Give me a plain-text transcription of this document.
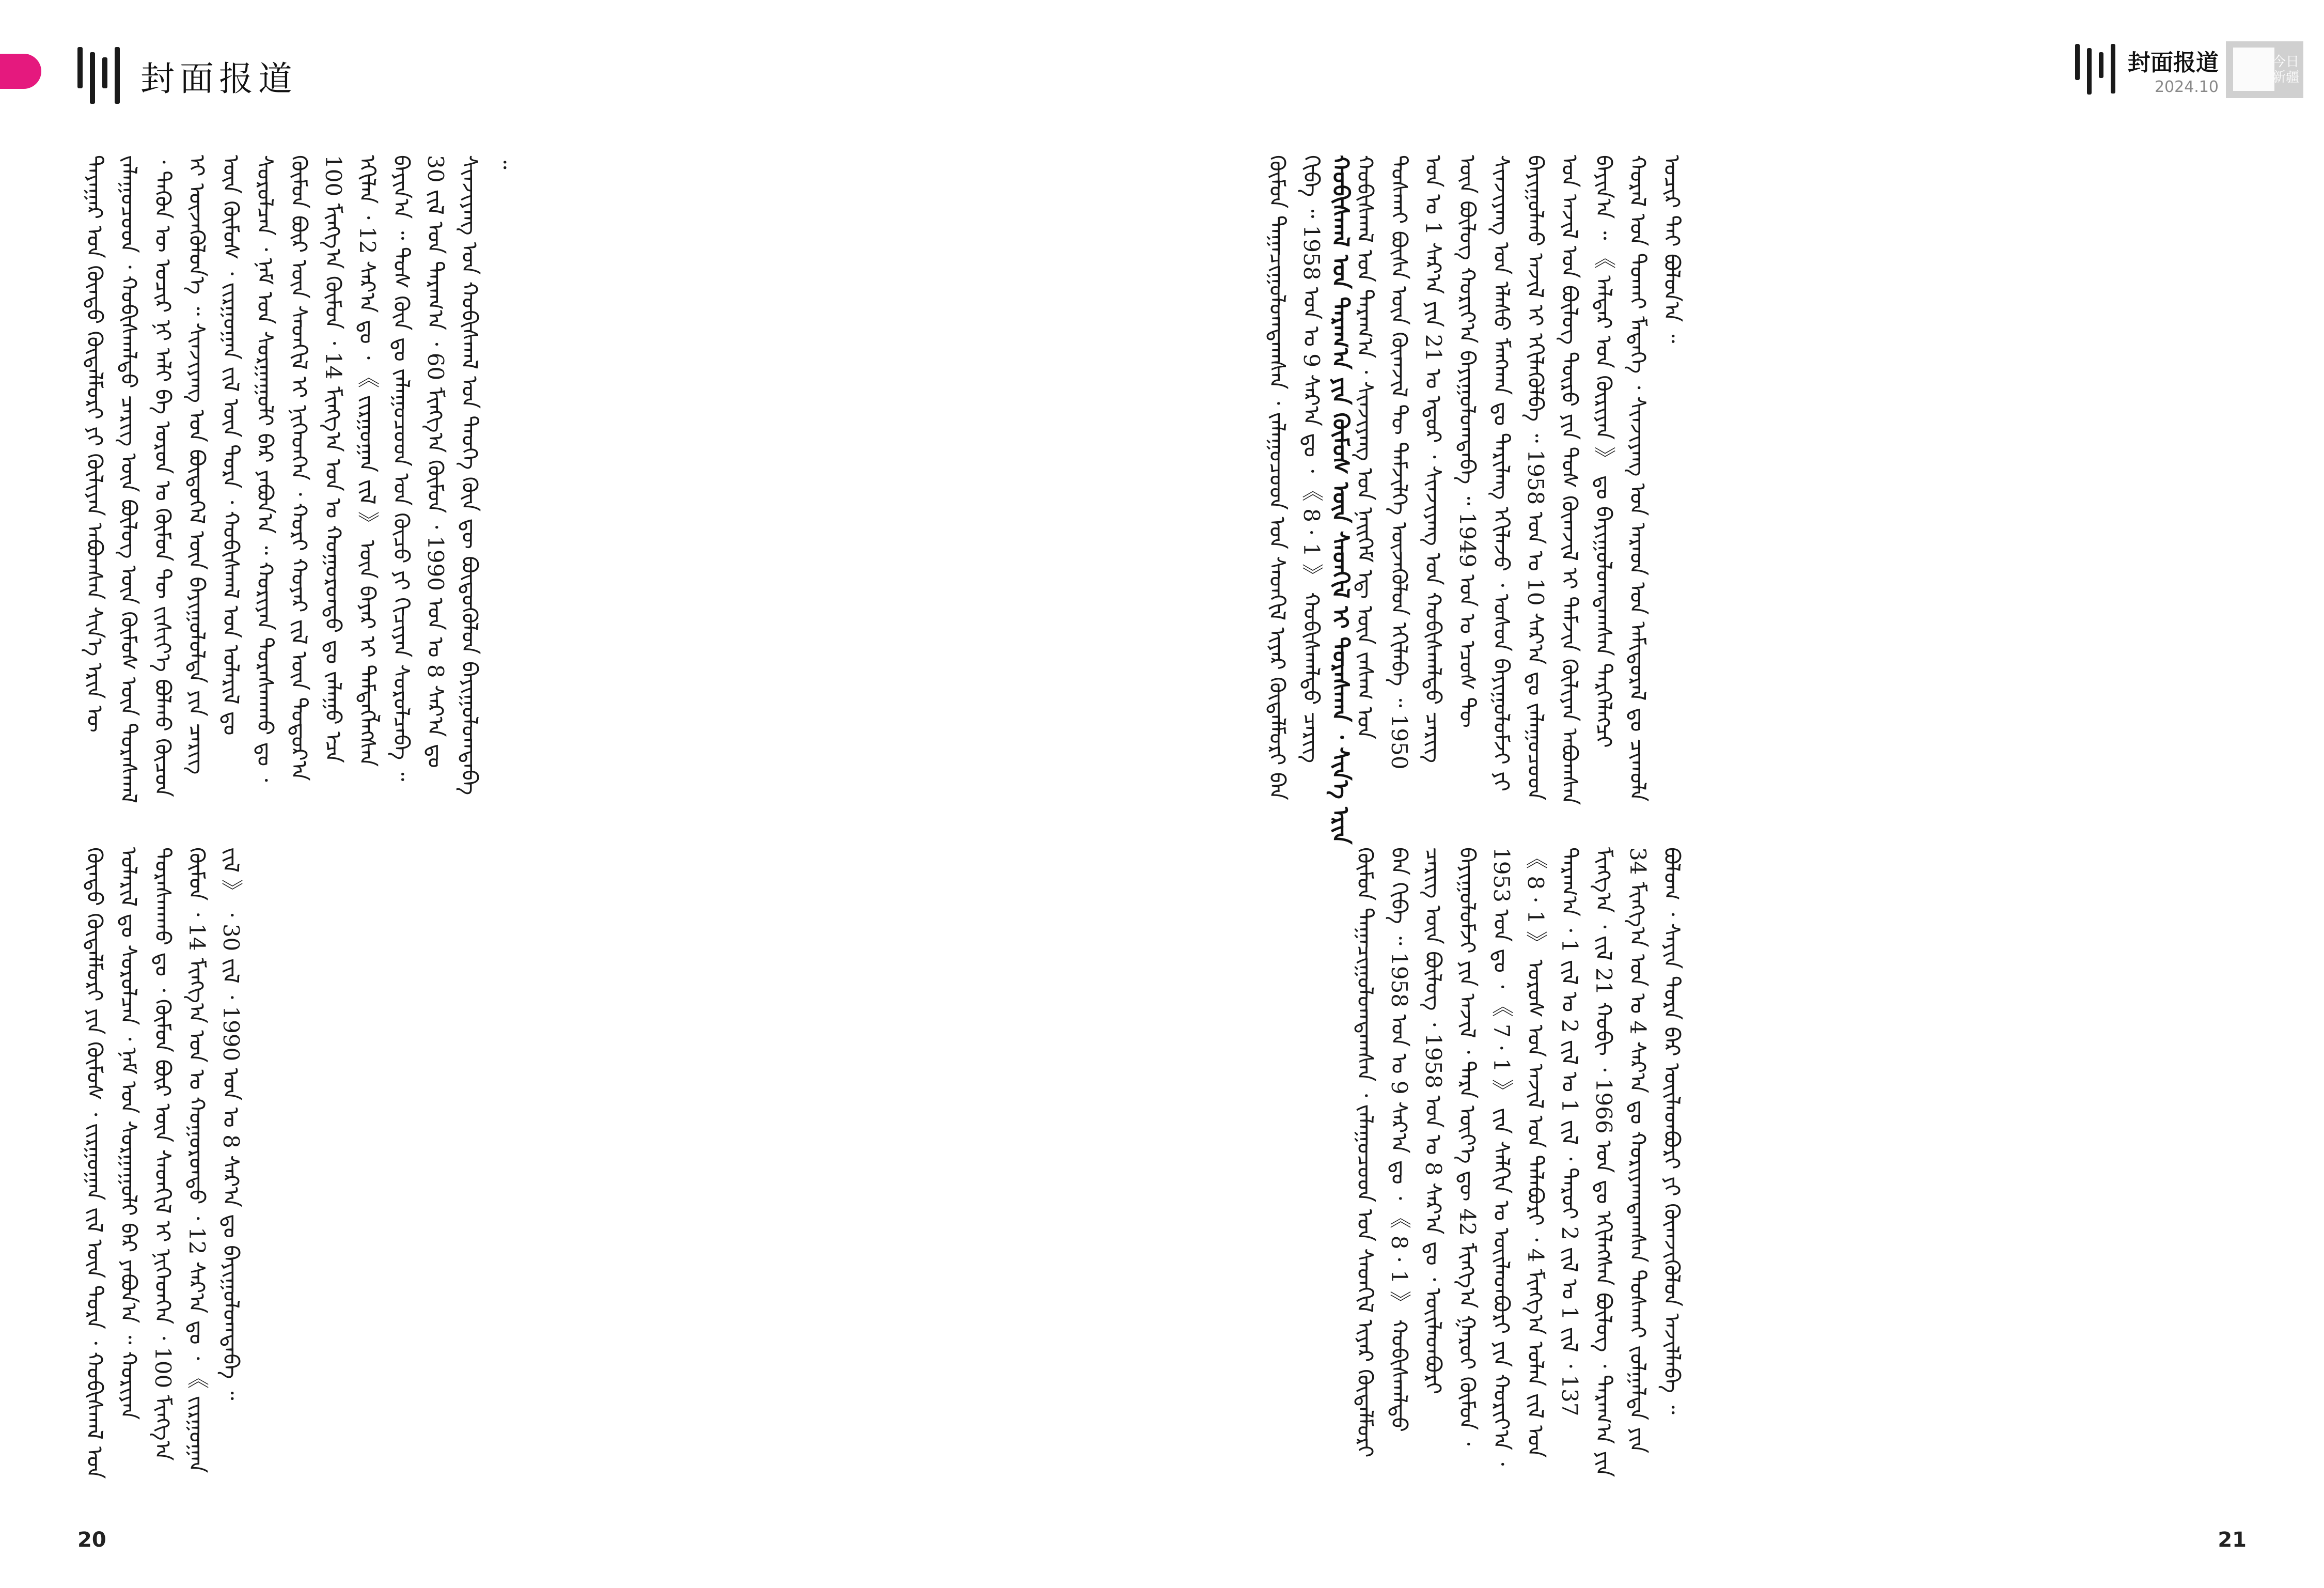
封面报道	封面报道
2024.10
今日
新疆

ᠬᠤᠪᠢᠰᠬᠠᠯ ᠤᠨ ᠳᠠᠷᠠᠭ᠎ᠠ ᠂ ᠰᠢᠨᠵᠢᠶᠠᠩ ᠤᠨ ᠨᠡᠢᠭᠡᠮ ᠡᠳ᠋ ᠦᠨ ᠵᠠᠰᠠᠭ ᠤᠨ ᠲᠤᠰᠬᠠᠢ ᠪᠦᠰᠡ ᠦᠨ ᠬᠦᠭ᠍ᠵᠢᠯ ᠲᠦ ᠳᠡᠮᠵᠢᠯᠭᠡ ᠦᠵᠡᠭᠦᠯᠦᠨ ᠡᠬᠢᠯᠡᠪᠡ ᠃ 1950 ᠣᠨ ᠤ 1 ᠰᠠᠷ᠎ᠠ ᠶᠢᠨ 21 ᠤ ᠡᠳᠦᠷ ᠂ ᠰᠢᠨᠵᠢᠶᠠᠩ ᠤᠨ ᠬᠤᠪᠢᠰᠬᠠᠯᠲᠤ ᠴᠡᠷᠢᠭ ᠦᠨ ᠪᠦᠯᠦᠭ ᠬᠤᠷᠢᠶ᠎ᠠ ᠪᠠᠶᠢᠭᠤᠯᠤᠭᠳᠠᠪᠠ ᠃ 1949 ᠣᠨ ᠤ ᠡᠴᠦᠰ ᠲᠦ ᠰᠢᠨᠵᠢᠶᠠᠩ ᠤᠨ ᠡᠯᠡᠰᠦ ᠮᠠᠩᠬᠠᠨ ᠳᠤ ᠲᠠᠷᠢᠯᠠᠩ ᠡᠬᠢᠯᠡᠵᠦ ᠂ ᠤᠰᠤᠨ ᠪᠠᠶᠢᠭᠤᠯᠤᠮᠵᠢ ᠶᠢ ᠪᠠᠶᠢᠭᠤᠯᠬᠤ ᠠᠵᠢᠯ ᠢ ᠡᠬᠢᠯᠡᠭᠦᠯᠪᠡ ᠃ 1958 ᠣᠨ ᠤ 10 ᠰᠠᠷ᠎ᠠ ᠳᠤ ᠵᠠᠯᠠᠭᠤᠴᠤᠳ ᠤᠨ ᠠᠵᠢᠯ ᠤᠨ ᠪᠦᠯᠦᠭ ᠲᠦᠷᠦ ᠶᠢᠨ ᠲᠤᠰ ᠬᠦᠭ᠍ᠵᠢᠯ ᠢ ᠳᠡᠮᠵᠢᠨ ᠬᠦᠯᠢᠶᠡᠨ ᠠᠪᠤᠭᠰᠠᠨ ᠪᠠᠶᠢᠨ᠎ᠠ ᠃ 《 ᠠᠯᠳᠠᠷ ᠤᠨ ᠬᠦᠷᠢᠶᠡᠨ 》 ᠳᠤ ᠪᠠᠶᠢᠭᠤᠯᠤᠭᠳᠠᠭᠰᠠᠨ ᠲᠡᠷᠭᠡᠯᠡᠭᠴᠢ ᠬᠤᠷᠠᠯ ᠤᠨ ᠲᠤᠬᠠᠢ ᠮᠡᠳᠡᠭᠡ ᠂ ᠰᠢᠨᠵᠢᠶᠠᠩ ᠤᠨ ᠠᠷᠠᠳ ᠤᠨ ᠠᠮᠢᠳᠤᠷᠠᠯ ᠳᠤ ᠴᠢᠬᠤᠯᠠ ᠤᠴᠢᠷ ᠲᠠᠢ ᠪᠣᠯᠤᠨ᠎ᠠ ᠃

ᠬᠦᠮᠦᠨ ᠲᠠᠭᠠᠴᠢᠭᠤᠯᠤᠭᠳᠠᠭᠰᠠᠨ ᠂ ᠵᠠᠯᠠᠭᠤᠴᠤᠳ ᠤᠨ ᠰᠡᠳᠬᠢᠯ ᠢᠶᠡᠷ ᠬᠦᠳᠡᠯᠮᠦᠷᠢ ᠪᠡᠨ ᠬᠢᠪᠡ ᠃ 1958 ᠣᠨ ᠤ 9 ᠰᠠᠷ᠎ᠠ ᠳᠤ ᠂ 《 8 · 1 》 ᠬᠤᠪᠢᠰᠬᠠᠯᠲᠤ ᠴᠡᠷᠢᠭ ᠦᠨ ᠪᠦᠯᠦᠭ ᠂ 1958 ᠣᠨ ᠤ 8 ᠰᠠᠷ᠎ᠠ ᠳᠤ ᠂ ᠦᠢᠯᠡᠳᠪᠦᠷᠢ ᠪᠠᠶᠢᠭᠤᠯᠤᠮᠵᠢ ᠶᠢᠨ ᠠᠵᠢᠯ ᠂ ᠲᠡᠷᠡ ᠦᠶ᠎ᠡ ᠳᠦ 42 ᠮᠢᠩᠭ᠎ᠠ ᠭᠠᠷᠤᠢ ᠬᠦᠮᠦᠨ ᠂ 1953 ᠣᠨ ᠳᠤ ᠂ 《 7 · 1 》 ᠵᠢᠨ ᠰᠠᠯᠬᠢᠨ ᠤ ᠦᠢᠯᠡᠳᠪᠦᠷᠢ ᠶᠢᠨ ᠬᠤᠷᠢᠶ᠎ᠠ ᠂ 《 8 · 1 》 ᠤᠷᠤᠰ ᠤᠨ ᠠᠵᠢᠯ ᠤᠨ ᠲᠡᠯᠡᠪᠦᠷᠢ ᠂ 4 ᠮᠢᠩᠭ᠎ᠠ ᠤᠯᠠᠨ ᠵᠢᠯ ᠤᠨ ᠳᠠᠷᠠᠭ᠎ᠠ ᠂ 1 ᠵᠢᠯ ᠤ 2 ᠵᠢᠯ ᠤ 1 ᠵᠢᠯ ᠂ ᠳᠠᠷᠤᠢ 2 ᠵᠢᠯ ᠤ 1 ᠵᠢᠯ ᠂ 137 ᠮᠢᠩᠭ᠎ᠠ ᠂ ᠵᠢᠯ 21 ᠬᠤᠪᠢ ᠂ 1966 ᠣᠨ ᠳᠤ ᠡᠬᠢᠯᠡᠭᠰᠡᠨ ᠪᠦᠯᠦᠭ ᠂ ᠳᠠᠷᠠᠭ᠎ᠠ ᠶᠢᠨ 34 ᠮᠢᠩᠭ᠎ᠠ ᠣᠨ ᠤ 4 ᠰᠠᠷ᠎ᠠ ᠳᠤ ᠬᠤᠷᠢᠶᠠᠭᠳᠠᠭᠰᠠᠨ ᠲᠤᠰᠬᠠᠢ ᠵᠤᠯᠭᠠᠯᠲᠠ ᠶᠢᠨ ᠪᠤᠯᠤᠭ ᠂ ᠰᠠᠶᠢᠨ ᠳᠤᠷᠠ ᠪᠠᠷ ᠦᠢᠯᠡᠳᠪᠦᠷᠢ ᠶᠢ ᠬᠦᠭ᠍ᠵᠢᠭᠦᠯᠦᠨ ᠠᠵᠢᠯᠯᠠᠪᠠ ᠃

ᠬᠦᠮᠦᠨ ᠲᠠᠭᠠᠴᠢᠭᠤᠯᠤᠭᠳᠠᠭᠰᠠᠨ ᠂ ᠵᠠᠯᠠᠭᠤᠴᠤᠳ ᠤᠨ ᠰᠡᠳᠬᠢᠯ ᠢᠶᠡᠷ ᠬᠦᠳᠡᠯᠮᠦᠷᠢ ᠪᠡᠨ ᠬᠢᠪᠡ ᠃ 1958 ᠣᠨ ᠤ 9 ᠰᠠᠷ᠎ᠠ ᠳᠤ ᠂ 《 8 · 1 》 ᠬᠤᠪᠢᠰᠬᠠᠯᠲᠤ ᠴᠡᠷᠢᠭ

ᠳᠠᠶᠠᠭᠠᠷ ᠤᠨ ᠬᠦᠨᠳᠦ ᠬᠦᠳᠡᠯᠮᠦᠷᠢ ᠶᠢ ᠬᠦᠯᠢᠶᠡᠨ ᠠᠪᠤᠭᠰᠠᠨ ᠰᠢᠨ᠎ᠡ ᠡᠷᠢᠨ ᠦ ᠵᠠᠯᠠᠭᠤᠴᠤᠳ ᠂ ᠬᠤᠪᠢᠰᠬᠠᠯᠲᠤ ᠴᠡᠷᠢᠭ ᠦᠨ ᠪᠦᠯᠦᠭ ᠦᠨ ᠬᠦᠮᠦᠰ ᠦᠨ ᠳᠤᠷᠠᠰᠬᠠᠯ ᠂ ᠲᠡᠭᠦᠨ ᠦ ᠤᠴᠢᠷ ᠨᠢ ᠠᠯᠢ ᠪᠠ ᠤᠷᠤᠨ ᠤ ᠬᠦᠮᠦᠨ ᠲᠦ ᠵᠢᠱᠢᠶ᠎ᠡ ᠪᠣᠯᠬᠤ ᠬᠦᠴᠦᠨ ᠢ ᠦᠵᠡᠭᠦᠯᠦᠨ᠎ᠡ ᠃ ᠰᠢᠨᠵᠢᠶᠠᠩ ᠤᠨ ᠪᠦᠲᠦᠭᠡᠯ ᠦᠨ ᠪᠠᠶᠢᠭᠤᠯᠤᠯᠲᠠ ᠶᠢᠨ ᠴᠡᠷᠢᠭ ᠦᠨ ᠬᠦᠮᠦᠰ ᠂ ᠵᠢᠷᠭᠤᠭᠠᠨ ᠵᠢᠯ ᠦᠨ ᠳᠤᠷᠠ ᠂ ᠬᠤᠪᠢᠰᠬᠠᠯ ᠤᠨ ᠤᠯᠠᠷᠢᠯ ᠳᠤ ᠰᠤᠷᠤᠯᠴᠠᠨ ᠂ ᠨᠠᠮ ᠤᠨ ᠰᠤᠷᠭᠠᠭᠤᠯᠢ ᠪᠠᠷ ᠶᠠᠪᠤᠨ᠎ᠠ ᠃ ᠬᠤᠷᠢᠶᠠᠨ ᠳᠤᠷᠠᠰᠬᠠᠬᠤ ᠳᠤ ᠂ ᠬᠦᠮᠦᠨ ᠪᠦᠷ ᠦᠨ ᠰᠡᠳᠬᠢᠯ ᠢ ᠨᠢᠭᠡᠳᠭᠡᠨ ᠂ ᠬᠤᠷᠢ ᠬᠤᠶᠠᠷ ᠵᠢᠯ ᠦᠨ ᠳᠤᠲᠤᠷ᠎ᠠ 100 ᠮᠢᠩᠭ᠎ᠠ ᠬᠦᠮᠦᠨ ᠂ 14 ᠮᠢᠩᠭ᠎ᠠ ᠣᠨ ᠤ ᠬᠤᠭᠤᠷᠤᠨᠳᠤ ᠳᠤ ᠵᠠᠯᠠᠭᠤ ᠡᠴᠡ ᠡᠬᠢᠯᠡᠨ ᠂ 12 ᠰᠠᠷ᠎ᠠ ᠳᠤ ᠂ 《 ᠵᠢᠷᠭᠤᠭᠠᠨ ᠵᠢᠯ 》 ᠦᠨ ᠪᠠᠶᠠᠷ ᠢ ᠲᠡᠮᠳᠡᠭᠯᠡᠭᠰᠡᠨ ᠪᠠᠶᠢᠨ᠎ᠠ ᠃ ᠲᠤᠰ ᠬᠦᠨ ᠳᠤ ᠵᠠᠯᠠᠭᠤᠴᠤᠳ ᠤᠨ ᠬᠦᠴᠦ ᠶᠢ ᠬᠢᠴᠢᠶᠡᠨ ᠰᠤᠷᠤᠯᠴᠠᠪᠠ ᠃ 30 ᠵᠢᠯ ᠤᠨ ᠳᠠᠷᠠᠭ᠎ᠠ ᠂ 60 ᠮᠢᠩᠭ᠎ᠠ ᠬᠦᠮᠦᠨ ᠂ 1990 ᠣᠨ ᠤ 8 ᠰᠠᠷ᠎ᠠ ᠳᠤ ᠰᠢᠨᠵᠢᠶᠠᠩ ᠤᠨ ᠬᠤᠪᠢᠰᠬᠠᠯ ᠤᠨ ᠲᠡᠦᠬᠡ ᠬᠦᠨ ᠳᠦ ᠪᠦᠳᠦᠭᠦᠯᠦᠨ ᠪᠠᠶᠢᠭᠤᠯᠤᠭᠳᠠᠪᠠ ᠃

ᠬᠦᠨᠳᠦ ᠬᠦᠳᠡᠯᠮᠦᠷᠢ ᠶᠢᠨ ᠬᠦᠮᠦᠰ ᠂ ᠵᠢᠷᠭᠤᠭᠠᠨ ᠵᠢᠯ ᠦᠨ ᠳᠤᠷᠠ ᠂ ᠬᠤᠪᠢᠰᠬᠠᠯ ᠤᠨ ᠤᠯᠠᠷᠢᠯ ᠳᠤ ᠰᠤᠷᠤᠯᠴᠠᠨ ᠂ ᠨᠠᠮ ᠤᠨ ᠰᠤᠷᠭᠠᠭᠤᠯᠢ ᠪᠠᠷ ᠶᠠᠪᠤᠨ᠎ᠠ ᠃ ᠬᠤᠷᠢᠶᠠᠨ ᠳᠤᠷᠠᠰᠬᠠᠬᠤ ᠳᠤ ᠂ ᠬᠦᠮᠦᠨ ᠪᠦᠷ ᠦᠨ ᠰᠡᠳᠬᠢᠯ ᠢ ᠨᠢᠭᠡᠳᠭᠡᠨ ᠂ 100 ᠮᠢᠩᠭ᠎ᠠ ᠬᠦᠮᠦᠨ ᠂ 14 ᠮᠢᠩᠭ᠎ᠠ ᠣᠨ ᠤ ᠬᠤᠭᠤᠷᠤᠨᠳᠤ ᠂ 12 ᠰᠠᠷ᠎ᠠ ᠳᠤ ᠂ 《 ᠵᠢᠷᠭᠤᠭᠠᠨ ᠵᠢᠯ 》 ᠂ 30 ᠵᠢᠯ ᠂ 1990 ᠣᠨ ᠤ 8 ᠰᠠᠷ᠎ᠠ ᠳᠤ ᠪᠠᠶᠢᠭᠤᠯᠤᠭᠳᠠᠪᠠ ᠃

ᠬᠤᠪᠢᠰᠬᠠᠯ ᠤᠨ ᠳᠠᠷᠠᠭ᠎ᠠ ᠶᠢᠨ ᠬᠦᠮᠦᠰ ᠦᠨ ᠰᠡᠳᠬᠢᠯ ᠢ ᠳᠤᠷᠠᠰᠬᠠᠨ ᠂ ᠰᠢᠨ᠎ᠡ ᠡᠷᠢᠨ
20	21
